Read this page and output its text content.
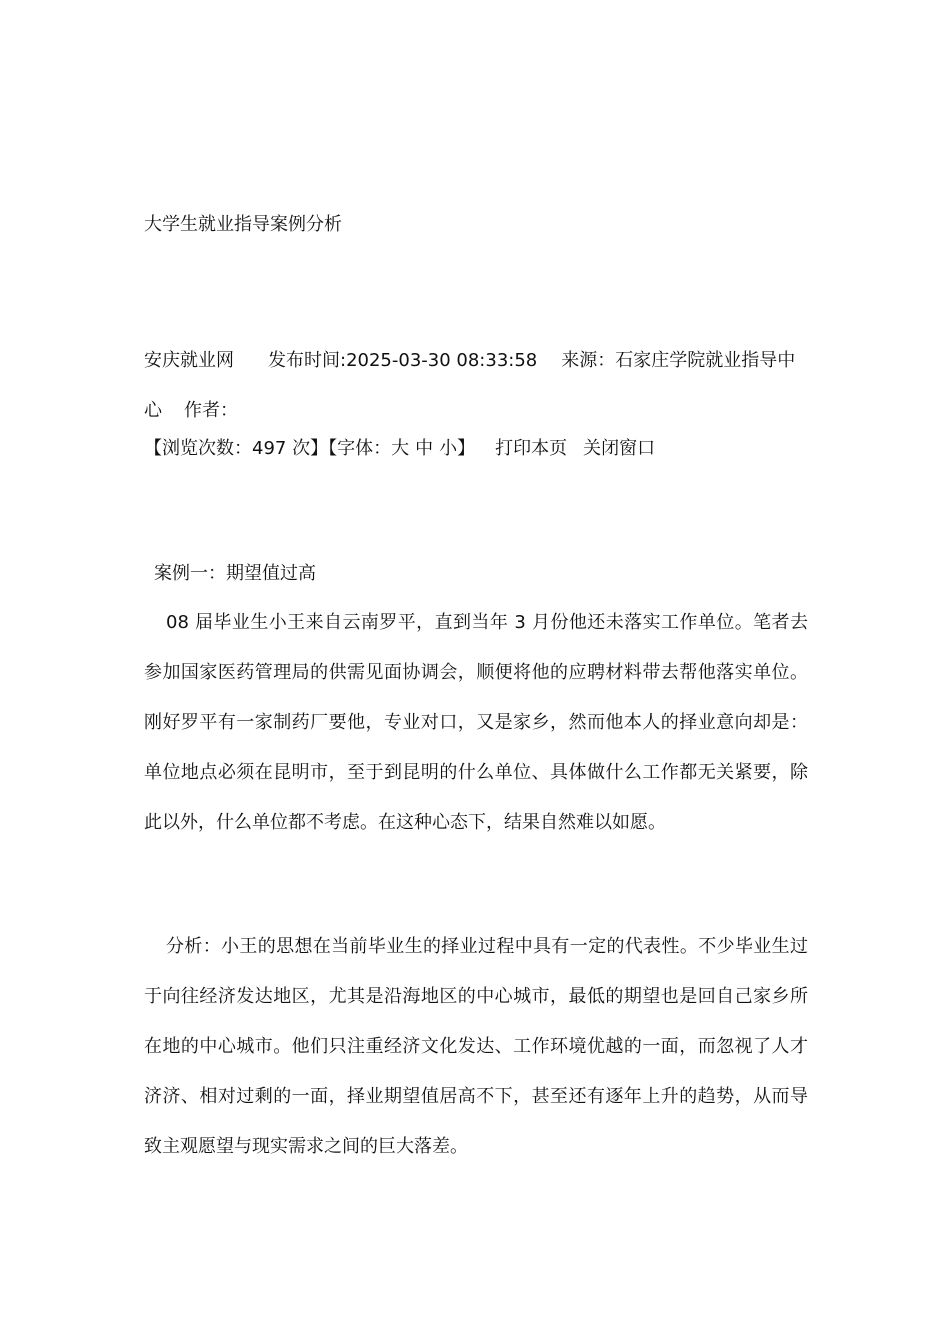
大学生就业指导案例分析
安庆就业网 发布时间:2025-03-30 08:33:58 来源：石家庄学院就业指导中心 作者：
【浏览次数：497 次】【字体：大 中 小】 打印本页 关闭窗口
案例一：期望值过高
08 届毕业生小王来自云南罗平，直到当年 3 月份他还未落实工作单位。笔者去参加国家医药管理局的供需见面协调会，顺便将他的应聘材料带去帮他落实单位。刚好罗平有一家制药厂要他，专业对口，又是家乡，然而他本人的择业意向却是：单位地点必须在昆明市，至于到昆明的什么单位、具体做什么工作都无关紧要，除此以外，什么单位都不考虑。在这种心态下，结果自然难以如愿。
分析：小王的思想在当前毕业生的择业过程中具有一定的代表性。不少毕业生过于向往经济发达地区，尤其是沿海地区的中心城市，最低的期望也是回自己家乡所在地的中心城市。他们只注重经济文化发达、工作环境优越的一面，而忽视了人才济济、相对过剩的一面，择业期望值居高不下，甚至还有逐年上升的趋势，从而导致主观愿望与现实需求之间的巨大落差。
